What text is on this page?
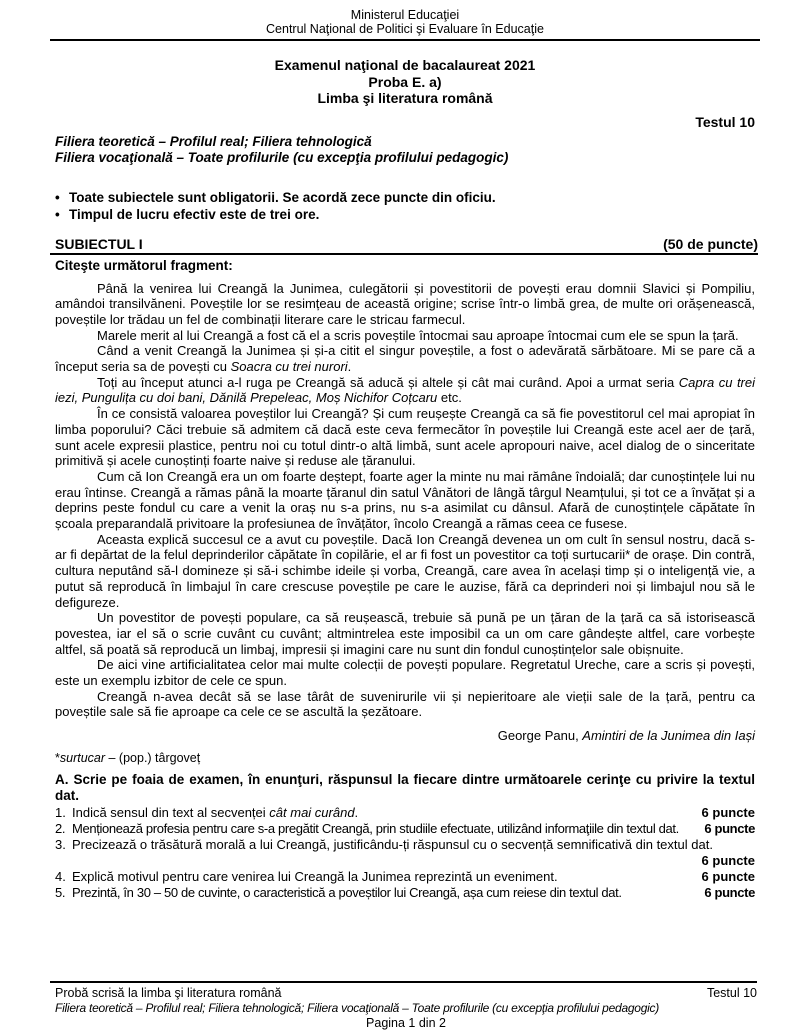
Ministerul Educaţiei
Centrul Naţional de Politici şi Evaluare în Educaţie
Examenul naţional de bacalaureat 2021
Proba E. a)
Limba şi literatura română
Testul 10
Filiera teoretică – Profilul real; Filiera tehnologică
Filiera vocaţională – Toate profilurile (cu excepţia profilului pedagogic)
• Toate subiectele sunt obligatorii. Se acordă zece puncte din oficiu.
• Timpul de lucru efectiv este de trei ore.
SUBIECTUL I	(50 de puncte)
Citeşte următorul fragment:

Până la venirea lui Creangă la Junimea, culegătorii și povestitorii de povești erau domnii Slavici și Pompiliu, amândoi transilvăneni. Poveștile lor se resimțeau de această origine; scrise într-o limbă grea, de multe ori orășenească, poveștile lor trădau un fel de combinații literare care le stricau farmecul.

Marele merit al lui Creangă a fost că el a scris poveștile întocmai sau aproape întocmai cum ele se spun la țară.

Când a venit Creangă la Junimea și și-a citit el singur poveștile, a fost o adevărată sărbătoare. Mi se pare că a început seria sa de povești cu Soacra cu trei nurori.

Toți au început atunci a-l ruga pe Creangă să aducă și altele și cât mai curând. Apoi a urmat seria Capra cu trei iezi, Pungulița cu doi bani, Dănilă Prepeleac, Moș Nichifor Coțcaru etc.

În ce consistă valoarea poveștilor lui Creangă? Și cum reușește Creangă ca să fie povestitorul cel mai apropiat în limba poporului? Căci trebuie să admitem că dacă este ceva fermecător în poveștile lui Creangă este acel aer de țară, sunt acele expresii plastice, pentru noi cu totul dintr-o altă limbă, sunt acele apropouri naive, acel dialog de o sinceritate primitivă și acele cunoștinți foarte naive și reduse ale țăranului.

Cum că Ion Creangă era un om foarte deștept, foarte ager la minte nu mai rămâne îndoială; dar cunoștințele lui nu erau întinse. Creangă a rămas până la moarte țăranul din satul Vânători de lângă târgul Neamțului, și tot ce a învățat și a deprins peste fondul cu care a venit la oraș nu s-a prins, nu s-a asimilat cu dânsul. Afară de cunoștințele căpătate în școala preparandală privitoare la profesiunea de învățător, încolo Creangă a rămas ceea ce fusese.

Aceasta explică succesul ce a avut cu poveștile. Dacă Ion Creangă devenea un om cult în sensul nostru, dacă s-ar fi depărtat de la felul deprinderilor căpătate în copilărie, el ar fi fost un povestitor ca toți surtucarii* de orașe. Din contră, cultura neputând să-l domineze și să-i schimbe ideile și vorba, Creangă, care avea în același timp și o inteligență vie, a putut să reproducă în limbajul în care crescuse poveștile pe care le auzise, fără ca deprinderi noi și limbajul nou să le defigureze.

Un povestitor de povești populare, ca să reușească, trebuie să pună pe un țăran de la țară ca să istorisească povestea, iar el să o scrie cuvânt cu cuvânt; altmintrelea este imposibil ca un om care gândește altfel, care vorbește altfel, să poată să reproducă un limbaj, impresii și imagini care nu sunt din fondul cunoștințelor sale obișnuite.

De aici vine artificialitatea celor mai multe colecții de povești populare. Regretatul Ureche, care a scris și povești, este un exemplu izbitor de cele ce spun.

Creangă n-avea decât să se lase târât de suvenirurile vii și nepieritoare ale vieții sale de la țară, pentru ca poveștile sale să fie aproape ca cele ce se ascultă la șezătoare.

George Panu, Amintiri de la Junimea din Iași
*surtucar – (pop.) târgoveț
A. Scrie pe foaia de examen, în enunţuri, răspunsul la fiecare dintre următoarele cerinţe cu privire la textul dat.
1. Indică sensul din text al secvenței cât mai curând.	6 puncte
2. Menționează profesia pentru care s-a pregătit Creangă, prin studiile efectuate, utilizând informaţiile din textul dat. 6 puncte
3. Precizează o trăsătură morală a lui Creangă, justificându-ți răspunsul cu o secvență semnificativă din textul dat.
6 puncte
4. Explică motivul pentru care venirea lui Creangă la Junimea reprezintă un eveniment.	6 puncte
5. Prezintă, în 30 – 50 de cuvinte, o caracteristică a poveștilor lui Creangă, așa cum reiese din textul dat.	6 puncte
Probă scrisă la limba şi literatura română	Testul 10
Filiera teoretică – Profilul real; Filiera tehnologică; Filiera vocaţională – Toate profilurile (cu excepţia profilului pedagogic)
Pagina 1 din 2
